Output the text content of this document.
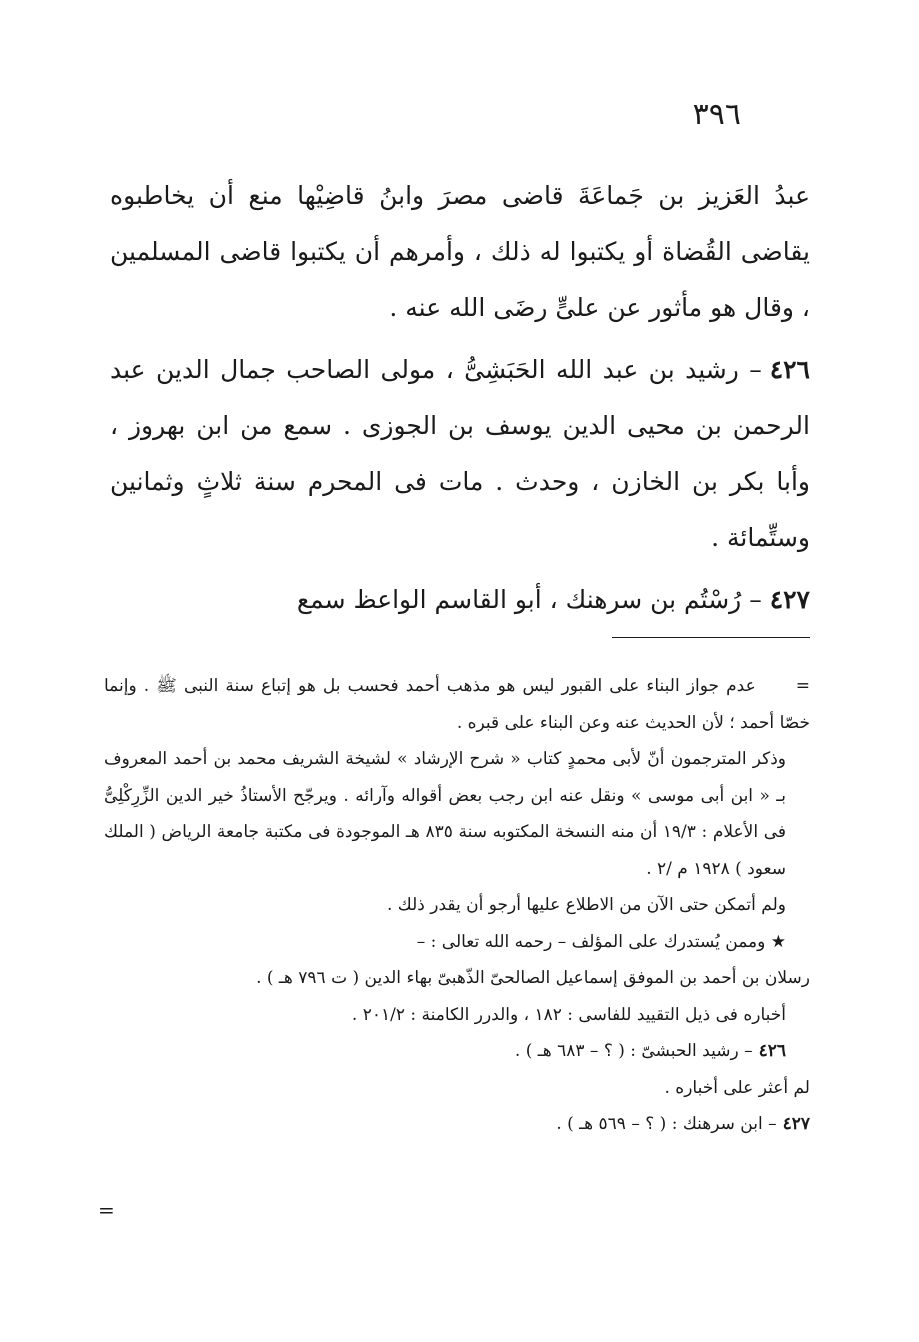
٣٩٦

عبدُ العَزيز بن جَماعَةَ قاضى مصرَ وابنُ قاضِيْها منع أن يخاطبوه يقاضى القُضاة أو يكتبوا له ذلك ، وأمرهم أن يكتبوا قاضى المسلمين ، وقال هو مأثور عن علىٍّ رضَى الله عنه .

٤٢٦– رشيد بن عبد الله الحَبَشِىُّ ، مولى الصاحب جمال الدين عبد الرحمن بن محيى الدين يوسف بن الجوزى . سمع من ابن بهروز ، وأبا بكر بن الخازن ، وحدث . مات فى المحرم سنة ثلاثٍ وثمانين وستِّمائة .

٤٢٧– رُسْتُم بن سرهنك ، أبو القاسم الواعظ سمع

=عدم جواز البناء على القبور ليس هو مذهب أحمد فحسب بل هو إتباع سنة النبى ﷺ . وإنما خصّا أحمد ؛ لأن الحديث عنه وعن البناء على قبره .

وذكر المترجمون أنّ لأبى محمدٍ كتاب « شرح الإرشاد » لشيخة الشريف محمد بن أحمد المعروف بـ « ابن أبى موسى » ونقل عنه ابن رجب بعض أقواله وآرائه . ويرجّح الأستاذُ خير الدين الزِّرِكْلِىُّ فى الأعلام : ١٩/٣ أن منه النسخة المكتوبه سنة ٨٣٥ هـ الموجودة فى مكتبة جامعة الرياض ( الملك سعود ) ١٩٢٨ م /٢ .

ولم أتمكن حتى الآن من الاطلاع عليها أرجو أن يقدر ذلك .

★ وممن يُستدرك على المؤلف – رحمه الله تعالى : –

رسلان بن أحمد بن الموفق إسماعيل الصالحىّ الذّهبىّ بهاء الدين ( ت ٧٩٦ هـ ) .

أخباره فى ذيل التقييد للفاسى : ١٨٢ ، والدرر الكامنة : ٢٠١/٢ .

٤٢٦– رشيد الحبشىّ : ( ؟ – ٦٨٣ هـ ) .

لم أعثر على أخباره .

٤٢٧– ابن سرهنك : ( ؟ – ٥٦٩ هـ ) .

=
